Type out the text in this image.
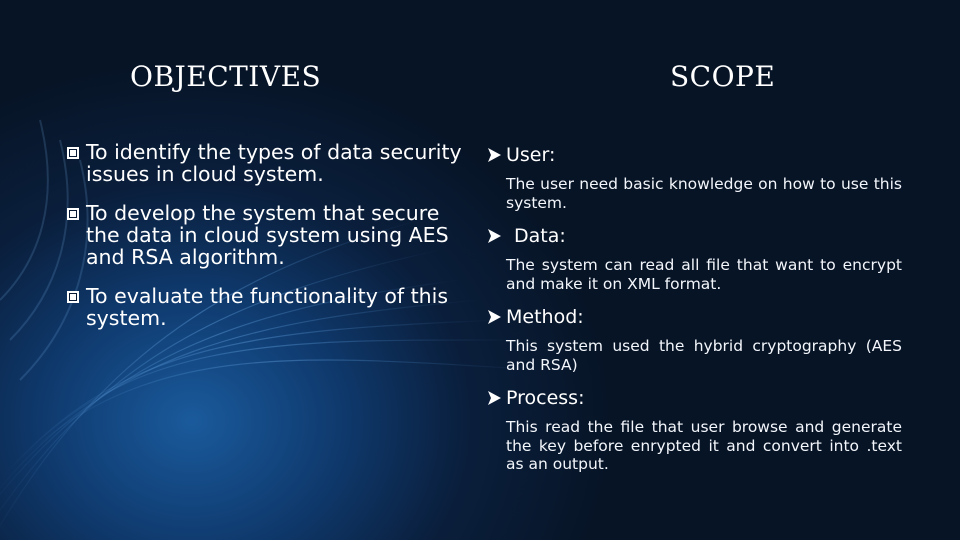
OBJECTIVES	SCOPE
To identify the types of data security issues in cloud system.
To develop the system that secure the data in cloud system using AES and RSA algorithm.
To evaluate the functionality of this system.
User:
The user need basic knowledge on how to use this system.
Data:
The system can read all file that want to encrypt and make it on XML format.
Method:
This system used the hybrid cryptography (AES and RSA)
Process:
This read the file that user browse and generate the key before enrypted it and convert into .text as an output.
